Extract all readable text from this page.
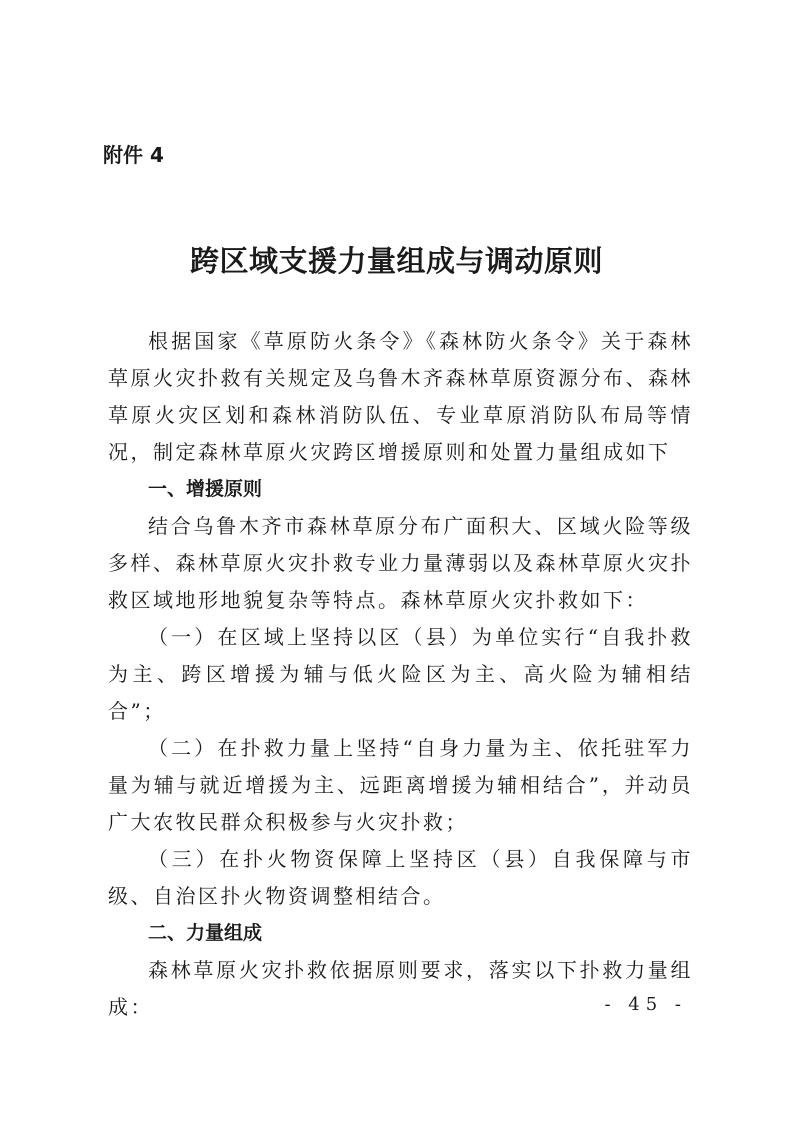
附件 4
跨区域支援力量组成与调动原则

根据国家《草原防火条令》《森林防火条令》关于森林草原火灾扑救有关规定及乌鲁木齐森林草原资源分布、森林草原火灾区划和森林消防队伍、专业草原消防队布局等情况，制定森林草原火灾跨区增援原则和处置力量组成如下

一、增援原则

结合乌鲁木齐市森林草原分布广面积大、区域火险等级多样、森林草原火灾扑救专业力量薄弱以及森林草原火灾扑救区域地形地貌复杂等特点。森林草原火灾扑救如下：

（一）在区域上坚持以区（县）为单位实行“自我扑救为主、跨区增援为辅与低火险区为主、高火险为辅相结合”；

（二）在扑救力量上坚持“自身力量为主、依托驻军力量为辅与就近增援为主、远距离增援为辅相结合”，并动员广大农牧民群众积极参与火灾扑救；

（三）在扑火物资保障上坚持区（县）自我保障与市级、自治区扑火物资调整相结合。

二、力量组成

森林草原火灾扑救依据原则要求，落实以下扑救力量组成：	- 45 -
